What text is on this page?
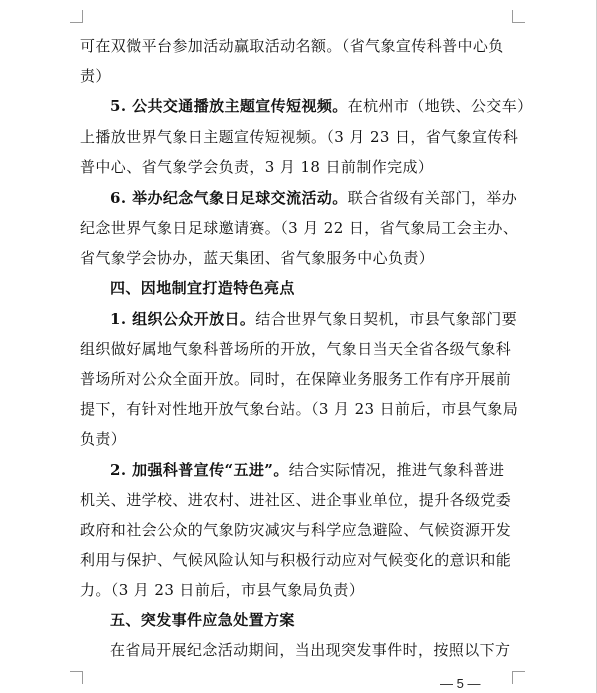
可在双微平台参加活动赢取活动名额。（省气象宣传科普中心负
责）
5. 公共交通播放主题宣传短视频。在杭州市（地铁、公交车）
上播放世界气象日主题宣传短视频。（3 月 23 日，省气象宣传科
普中心、省气象学会负责，3 月 18 日前制作完成）
6. 举办纪念气象日足球交流活动。联合省级有关部门，举办
纪念世界气象日足球邀请赛。（3 月 22 日，省气象局工会主办、
省气象学会协办，蓝天集团、省气象服务中心负责）
四、因地制宜打造特色亮点
1. 组织公众开放日。结合世界气象日契机，市县气象部门要
组织做好属地气象科普场所的开放，气象日当天全省各级气象科
普场所对公众全面开放。同时，在保障业务服务工作有序开展前
提下，有针对性地开放气象台站。（3 月 23 日前后，市县气象局
负责）
2. 加强科普宣传“五进”。结合实际情况，推进气象科普进
机关、进学校、进农村、进社区、进企事业单位，提升各级党委
政府和社会公众的气象防灾减灾与科学应急避险、气候资源开发
利用与保护、气候风险认知与积极行动应对气候变化的意识和能
力。（3 月 23 日前后，市县气象局负责）
五、突发事件应急处置方案
在省局开展纪念活动期间，当出现突发事件时，按照以下方
— 5 —
